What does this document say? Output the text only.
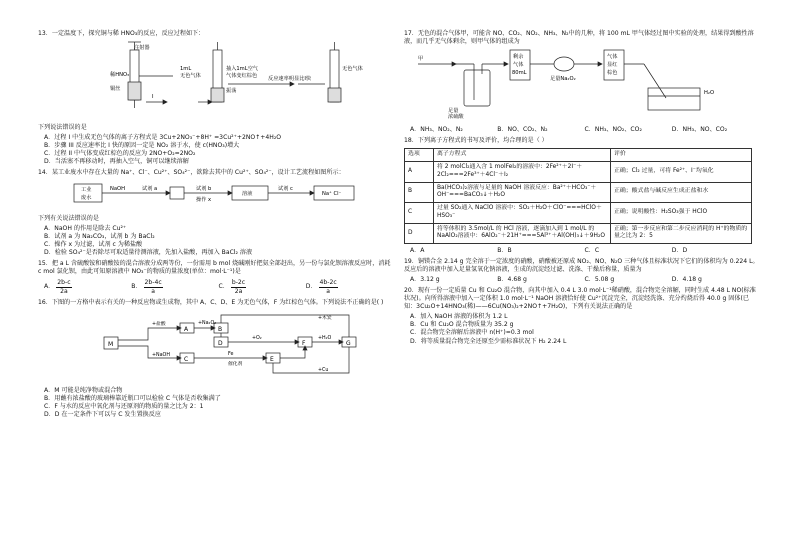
13．一定温度下，探究铜与稀 HNO₃的反应，反应过程如下：

注射器
稀HNO₃
铜丝
I
1mL
无色气体
抽入1mL空气
气体变红棕色
振荡
反应速率明显比I快
无色气体

下列说法错误的是

A．过程 I 中生成无色气体的离子方程式是 3Cu+2NO₃⁻+8H⁺ =3Cu²⁺+2NO↑+4H₂O

B．步骤 III 反应速率比 I 快的原因一定是 NO₂ 溶于水，使 c(HNO₃)增大

C．过程 II 中气体变成红棕色的反应为 2NO+O₂=2NO₂

D．当活塞不再移动时，再抽入空气，铜可以继续溶解

14．某工业废水中存在大量的 Na⁺、Cl⁻、Cu²⁺、SO₄²⁻，欲除去其中的 Cu²⁺、SO₄²⁻，设计工艺流程如图所示：

工业
废水
NaOH	试剂 a	试剂 b
操作 x
溶液
试剂 c
Na⁺ Cl⁻

下列有关说法错误的是

A．NaOH 的作用是除去 Cu²⁺

B．试剂 a 为 Na₂CO₃，试剂 b 为 BaCl₂

C．操作 x 为过滤，试剂 c 为稀盐酸

D．检验 SO₄²⁻是否除尽可取适量待测溶液，先加入盐酸，再加入 BaCl₂ 溶液

15．把 a L 含硫酸铵和硝酸铵的混合溶液分成两等份，一份需用 b mol 烧碱刚好把氨全部赶出，另一份与氯化钡溶液反应时，消耗 c mol 氯化钡，由此可知原溶液中 NO₃⁻的物质的量浓度(单位：mol·L⁻¹)是

A． $\frac{2b-c}{2a}$	B． $\frac{2b-4c}{a}$	C． $\frac{b-2c}{2a}$	D． $\frac{4b-2c}{a}$

16．下图的一方格中表示有关的一种反应物或生成物，其中 A、C、D、E 为无色气体，F 为红棕色气体。下列说法不正确的是( )

M
A	B
C
D
E
F	G
+盐酸	+Na₂O₂
+NaOH	Fe
催化剂
+O₂
+木炭
+H₂O
+Cu

A．M 可能是纯净物或混合物

B．用蘸有浓盐酸的玻璃棒靠近瓶口可以检验 C 气体是否收集满了

C．F 与水的反应中氧化剂与还原剂的物质的量之比为 2：1

D．D 在一定条件下可以与 C 发生置换反应

17．无色的混合气体甲，可能含 NO、CO₂、NO₂、NH₃、N₂中的几种，将 100 mL 甲气体经过图中实验的处理，结果得到酸性溶液，而几乎无气体剩余，则甲气体的组成为

甲
足量
浓硫酸
剩余
气体
80mL
足量Na₂O₂
气体
显红
棕色
H₂O
A．NH₃、NO₂、N₂	B．NO、CO₂、N₂	C．NH₃、NO₂、CO₂	D．NH₃、NO、CO₂

18．下列离子方程式的书写及评价，均合理的是（ ）

选项	离子方程式	评价
A	将 2 molCl₂通入含 1 molFeI₂的溶液中：2Fe²⁺＋2I⁻＋2Cl₂===2Fe³⁺＋4Cl⁻＋I₂	正确；Cl₂ 过量，可将 Fe²⁺、I⁻均氧化
B	Ba(HCO₃)₂溶液与足量的 NaOH 溶液反应：Ba²⁺＋HCO₃⁻＋OH⁻===BaCO₃↓＋H₂O	正确；酸式盐与碱反应生成正盐和水
C	过量 SO₂通入 NaClO 溶液中：SO₂＋H₂O＋ClO⁻===HClO＋HSO₃⁻	正确；说明酸性：H₂SO₃强于 HClO
D	将等体积的 3.5mol/L 的 HCl 溶液，逐滴加入到 1 mol/L 的 NaAlO₂溶液中：6AlO₂⁻＋21H⁺===5Al³⁺＋Al(OH)₃↓＋9H₂O	正确；第一步反应和第二步反应消耗的 H⁺的物质的量之比为 2：5
A．A	B．B	C．C	D．D

19．铜镁合金 2.14 g 完全溶于一定浓度的硝酸，硝酸被还原成 NO₂、NO、N₂O 三种气体且标准状况下它们的体积均为 0.224 L。反应后的溶液中加入足量氢氧化钠溶液，生成的沉淀经过滤、洗涤、干燥后称量，质量为

A．3.12 g	B．4.68 g	C．5.08 g	D．4.18 g

20．现有一份一定质量 Cu 和 Cu₂O 混合物，向其中加入 0.4 L 3.0 mol·L⁻¹稀硝酸，混合物完全溶解，同时生成 4.48 L NO(标准状况)。向所得溶液中加入一定体积 1.0 mol·L⁻¹ NaOH 溶液恰好使 Cu²⁺沉淀完全，沉淀经洗涤、充分灼烧后得 40.0 g 固体(已知：3Cu₂O+14HNO₃(稀)——6Cu(NO₃)₂+2NO↑+7H₂O)，下列有关说法正确的是

A．加入 NaOH 溶液的体积为 1.2 L

B．Cu 和 Cu₂O 混合物质量为 35.2 g

C．混合物完全溶解后溶液中 n(H⁺)=0.3 mol

D．将等质量混合物完全还原至少需标准状况下 H₂ 2.24 L
